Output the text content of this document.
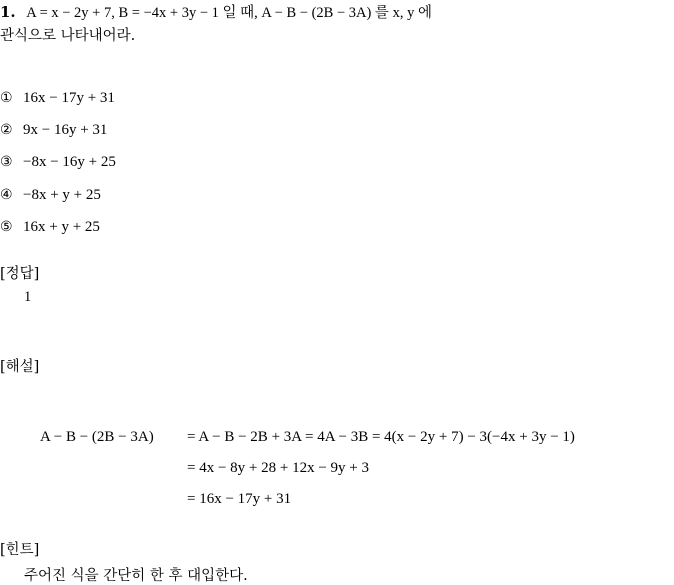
1. A = x − 2y + 7, B = −4x + 3y − 1 일 때, A − B − (2B − 3A) 를 x, y 에
관식으로 나타내어라.
① 16x − 17y + 31
② 9x − 16y + 31
③ −8x − 16y + 25
④ −8x + y + 25
⑤ 16x + y + 25
[정답]
1
[해설]
A − B − (2B − 3A) = A − B − 2B + 3A = 4A − 3B = 4(x − 2y + 7) − 3(−4x + 3y − 1)
= 4x − 8y + 28 + 12x − 9y + 3
= 16x − 17y + 31
[힌트]
주어진 식을 간단히 한 후 대입한다.
